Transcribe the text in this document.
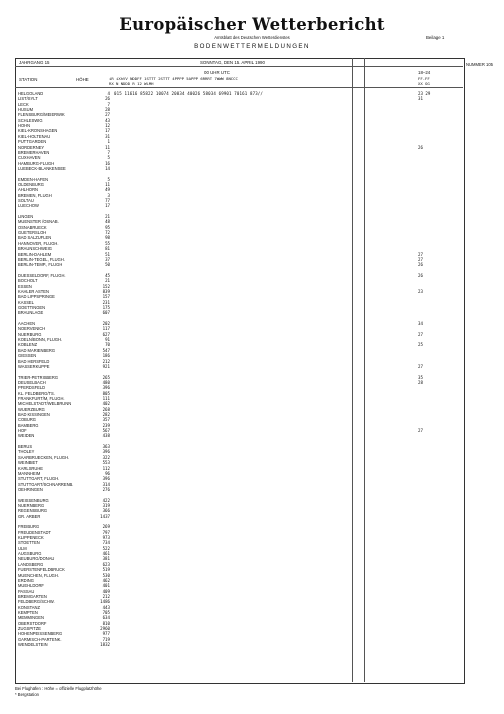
Europäischer Wetterbericht
Amtsblatt des Deutschen Wetterdienstes	Beilage 1
BODENWETTERMELDUNGEN
NUMMER 105
JAHRGANG 15	SONNTAG, DEN 15. APRIL 1990
00 UHR UTC	18–24
STATION	HÖHE	iR iXhVV NDDFF 1STTT 2STTT 4PPPP 5APPP 6RRRT 7WWW 8NCCC
RX N NDDD R 12 WLMH
FF-FF
XX GG
HELGOLAND	4 015 11616 85822 10074 20034 40026 58034 69901 70161 873//	23 29
LIST/SYLT	26	31
LECK	7
HUSUM	28
FLENSBURG/MEIERWIK	27
SCHLESWIG	43
HOHN	12
KIEL-KRONSHAGEN	17
KIEL-HOLTENAU	31
PUTTGARDEN	1
NORDERNEY	11	26
BREMERHAVEN	7
CUXHAVEN	5
HAMBURG-FLUGH	16
LUEBECK-BLANKENSEE	14
EMDEN-HAFEN	5
OLDENBURG	11
AHLHORN	49
BREMEN, FLUGH	3
SOLTAU	77
LUECHOW	17
LINGEN	21
MUENSTER /OSNAB.	48
OSNABRUECK	95
GUETERSLOH	72
BAD SALZUFLEN	98
HANNOVER, FLUGH.	55
BRAUNSCHWEIG	81
BERLIN-DAHLEM	51	27
BERLIN-TEGEL, FLUGH.	37	27
BERLIN-TEMP., FLUGH	50	26
DUESSELDORF, FLUGH.	45	26
BOCHOLT	21
ESSEN	152
KAHLER ASTEN	839	23
BAD LIPPSPRINGE	157
KASSEL	231
GOETTINGEN	175
BRAUNLAGE	607
AACHEN	202	34
NOERVENICH	117
NUERBURG	627	27
KOELN/BONN, FLUGH.	91
KOBLENZ	70	25
BAD MARIENBERG	547
GIESSEN	186
BAD HERSFELD	212
WASSERKUPPE	921	27
TRIER-PETRISBERG	265	35
DEUSELBACH	480	28
PFERDSFELD	396
KL. FELDBERG/TS.	805
FRANKFURT/M, FLUGH.	111
MICHELSTADT/WELBRUNN	402
WUERZBURG	268
BAD KISSINGEN	282
COBURG	357
BAMBERG	239
HOF	567	27
WEIDEN	438
BERUS	363
THOLEY	396
SAARBRUECKEN, FLUGH.	322
WEINBIET	553
KARLSRUHE	112
MANNHEIM	96
STUTTGART, FLUGH.	396
STUTTGART/SCHNARRENB.	314
OEHRINGEN	276
WEISSENBURG	422
NUERNBERG	319
REGENSBURG	366
GR. ARBER	1437
FREIBURG	269
FREUDENSTADT	797
KLIPPENECK	973
STOETTEN	734
ULM	522
AUGSBURG	461
NEUBURG/DONAU	381
LANDSBERG	623
FUERSTENFELDBRUCK	519
MUENCHEN, FLUGH.	530
ERDING	462
MUEHLDORF	401
PASSAU	409
BREMGARTEN	212
FELDBERG/SCHW.	1486
KONSTANZ	443
KEMPTEN	705
MEMMINGEN	634
OBERSTDORF	810
ZUGSPITZE	2960
HOHENPEISSENBERG	977
GARMISCH-PARTENK.	719
WENDELSTEIN	1832
Bei Flughäfen : Höhe = offizielle Flugplatzhöhe
* Bergstation
